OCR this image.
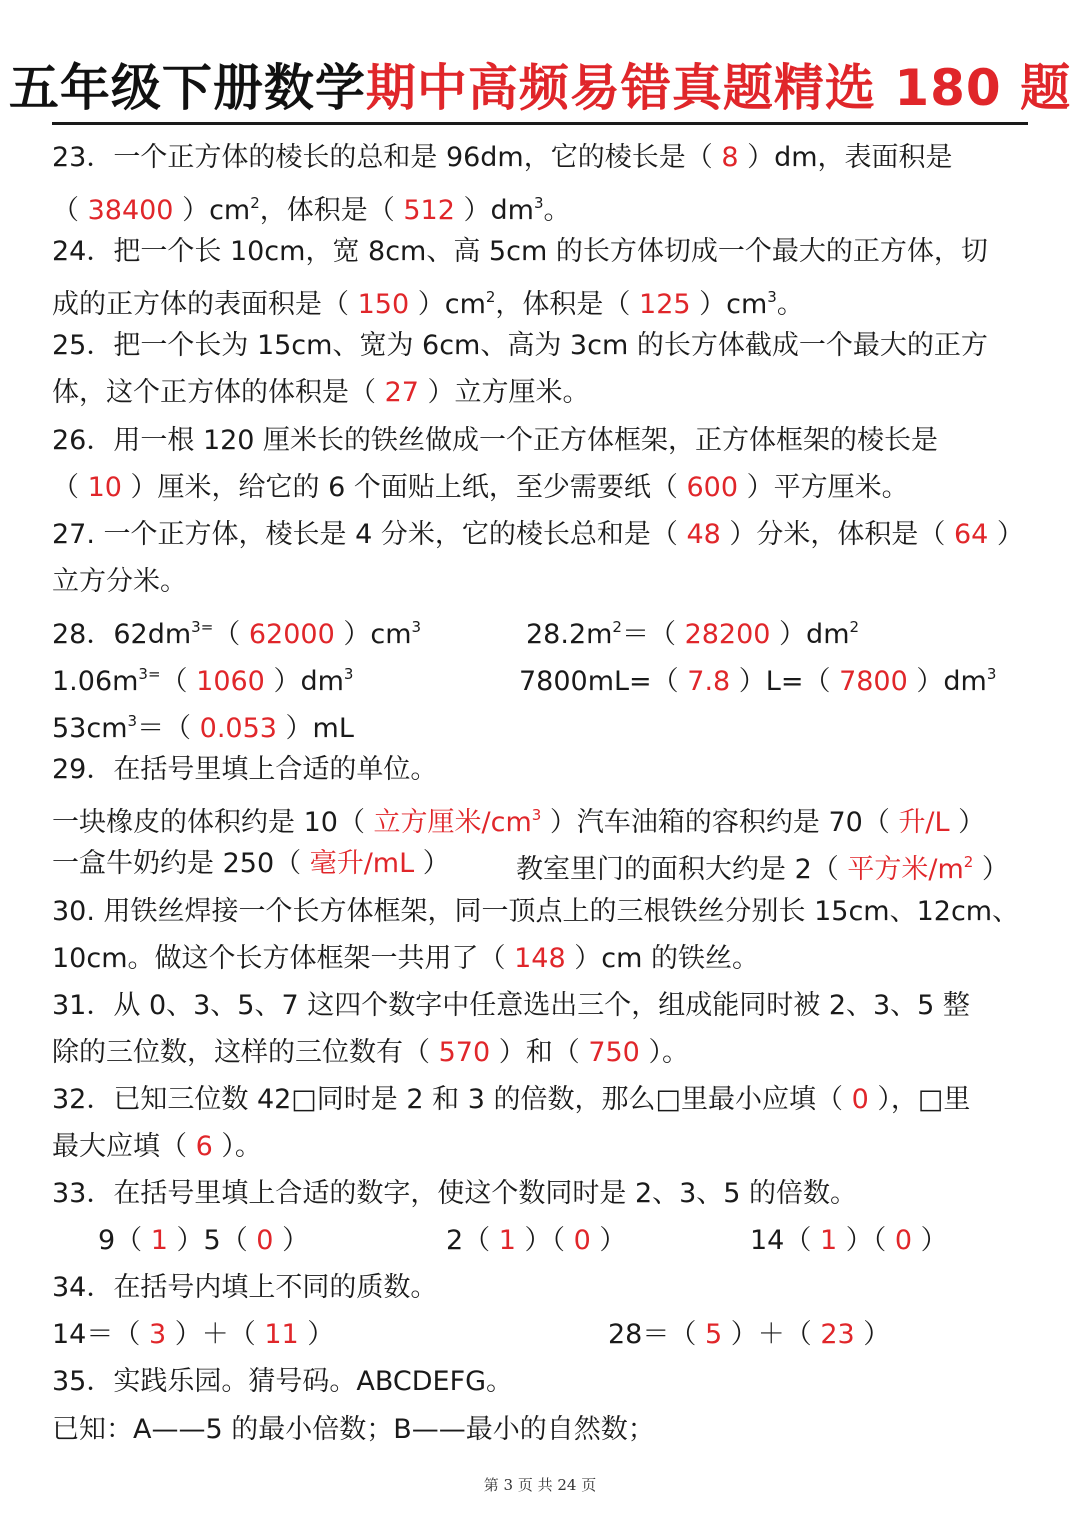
五年级下册数学期中高频易错真题精选 180 题
23．一个正方体的棱长的总和是 96dm，它的棱长是（ 8 ）dm，表面积是
（ 38400 ）$cm^2$，体积是（ 512 ）$dm^3$。
24．把一个长 10cm，宽 8cm、高 5cm 的长方体切成一个最大的正方体，切
成的正方体的表面积是（ 150 ）$cm^2$，体积是（ 125 ）$cm^3$。
25．把一个长为 15cm、宽为 6cm、高为 3cm 的长方体截成一个最大的正方
体，这个正方体的体积是（ 27 ）立方厘米。
26．用一根 120 厘米长的铁丝做成一个正方体框架，正方体框架的棱长是
（ 10 ）厘米，给它的 6 个面贴上纸，至少需要纸（ 600 ）平方厘米。
27. 一个正方体，棱长是 4 分米，它的棱长总和是（ 48 ）分米，体积是（ 64 ）
立方分米。
28．$62dm^{3=}$（ 62000 ）$cm^3$	$28.2m^2=$（ 28200 ）$dm^2$
$1.06m^{3=}$（ 1060 ）$dm^3$	7800mL=（ 7.8 ）L=（ 7800 ）$dm^3$
$53cm^3=$（ 0.053 ）mL
29．在括号里填上合适的单位。
一块橡皮的体积约是 10（ 立方厘米$/cm^3$ ）汽车油箱的容积约是 70（ 升/L ）
一盒牛奶约是 250（ 毫升/mL ） 教室里门的面积大约是 2（ 平方米$/m^2$ ）
30. 用铁丝焊接一个长方体框架，同一顶点上的三根铁丝分别长 15cm、12cm、
10cm。做这个长方体框架一共用了（ 148 ）cm 的铁丝。
31．从 0、3、5、7 这四个数字中任意选出三个，组成能同时被 2、3、5 整
除的三位数，这样的三位数有（ 570 ）和（ 750 ）。
32．已知三位数 42□同时是 2 和 3 的倍数，那么□里最小应填（ 0 ），□里
最大应填（ 6 ）。
33．在括号里填上合适的数字，使这个数同时是 2、3、5 的倍数。
9（ 1 ）5（ 0 ）	2（ 1 ）（ 0 ）	14（ 1 ）（ 0 ）
34．在括号内填上不同的质数。
14＝（ 3 ）＋（ 11 ）	28＝（ 5 ）＋（ 23 ）
35．实践乐园。猜号码。ABCDEFG。
已知：A——5 的最小倍数；B——最小的自然数；
第 3 页 共 24 页
